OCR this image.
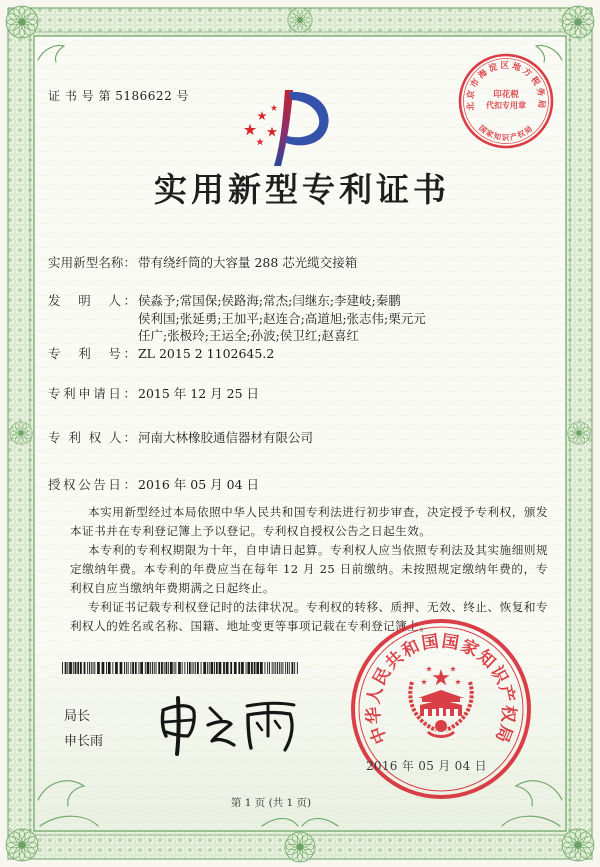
证 书 号 第 5186622 号
北京市海淀区地方税务局
印花税
代扣专用章
国家知识产权局
实用新型专利证书
实用新型名称： 带有绕纤筒的大容量 288 芯光缆交接箱
发　明　人： 侯淼予;常国保;侯路海;常杰;闫继东;李建岐;秦鹏
侯利国;张延勇;王加平;赵连合;高道旭;张志伟;栗元元
任广;张极玲;王运全;孙波;侯卫红;赵喜红
专　利　号： ZL 2015 2 1102645.2
专利申请日： 2015 年 12 月 25 日
专 利 权 人： 河南大林橡胶通信器材有限公司
授权公告日： 2016 年 05 月 04 日

本实用新型经过本局依照中华人民共和国专利法进行初步审查，决定授予专利权，颁发本证书并在专利登记簿上予以登记。专利权自授权公告之日起生效。

本专利的专利权期限为十年，自申请日起算。专利权人应当依照专利法及其实施细则规定缴纳年费。本专利的年费应当在每年 12 月 25 日前缴纳。未按照规定缴纳年费的，专利权自应当缴纳年费期满之日起终止。

专利证书记载专利权登记时的法律状况。专利权的转移、质押、无效、终止、恢复和专利权人的姓名或名称、国籍、地址变更等事项记载在专利登记簿上。

局长
申长雨	中华人民共和国国家知识产权局
2016 年 05 月 04 日
第 1 页 (共 1 页)
